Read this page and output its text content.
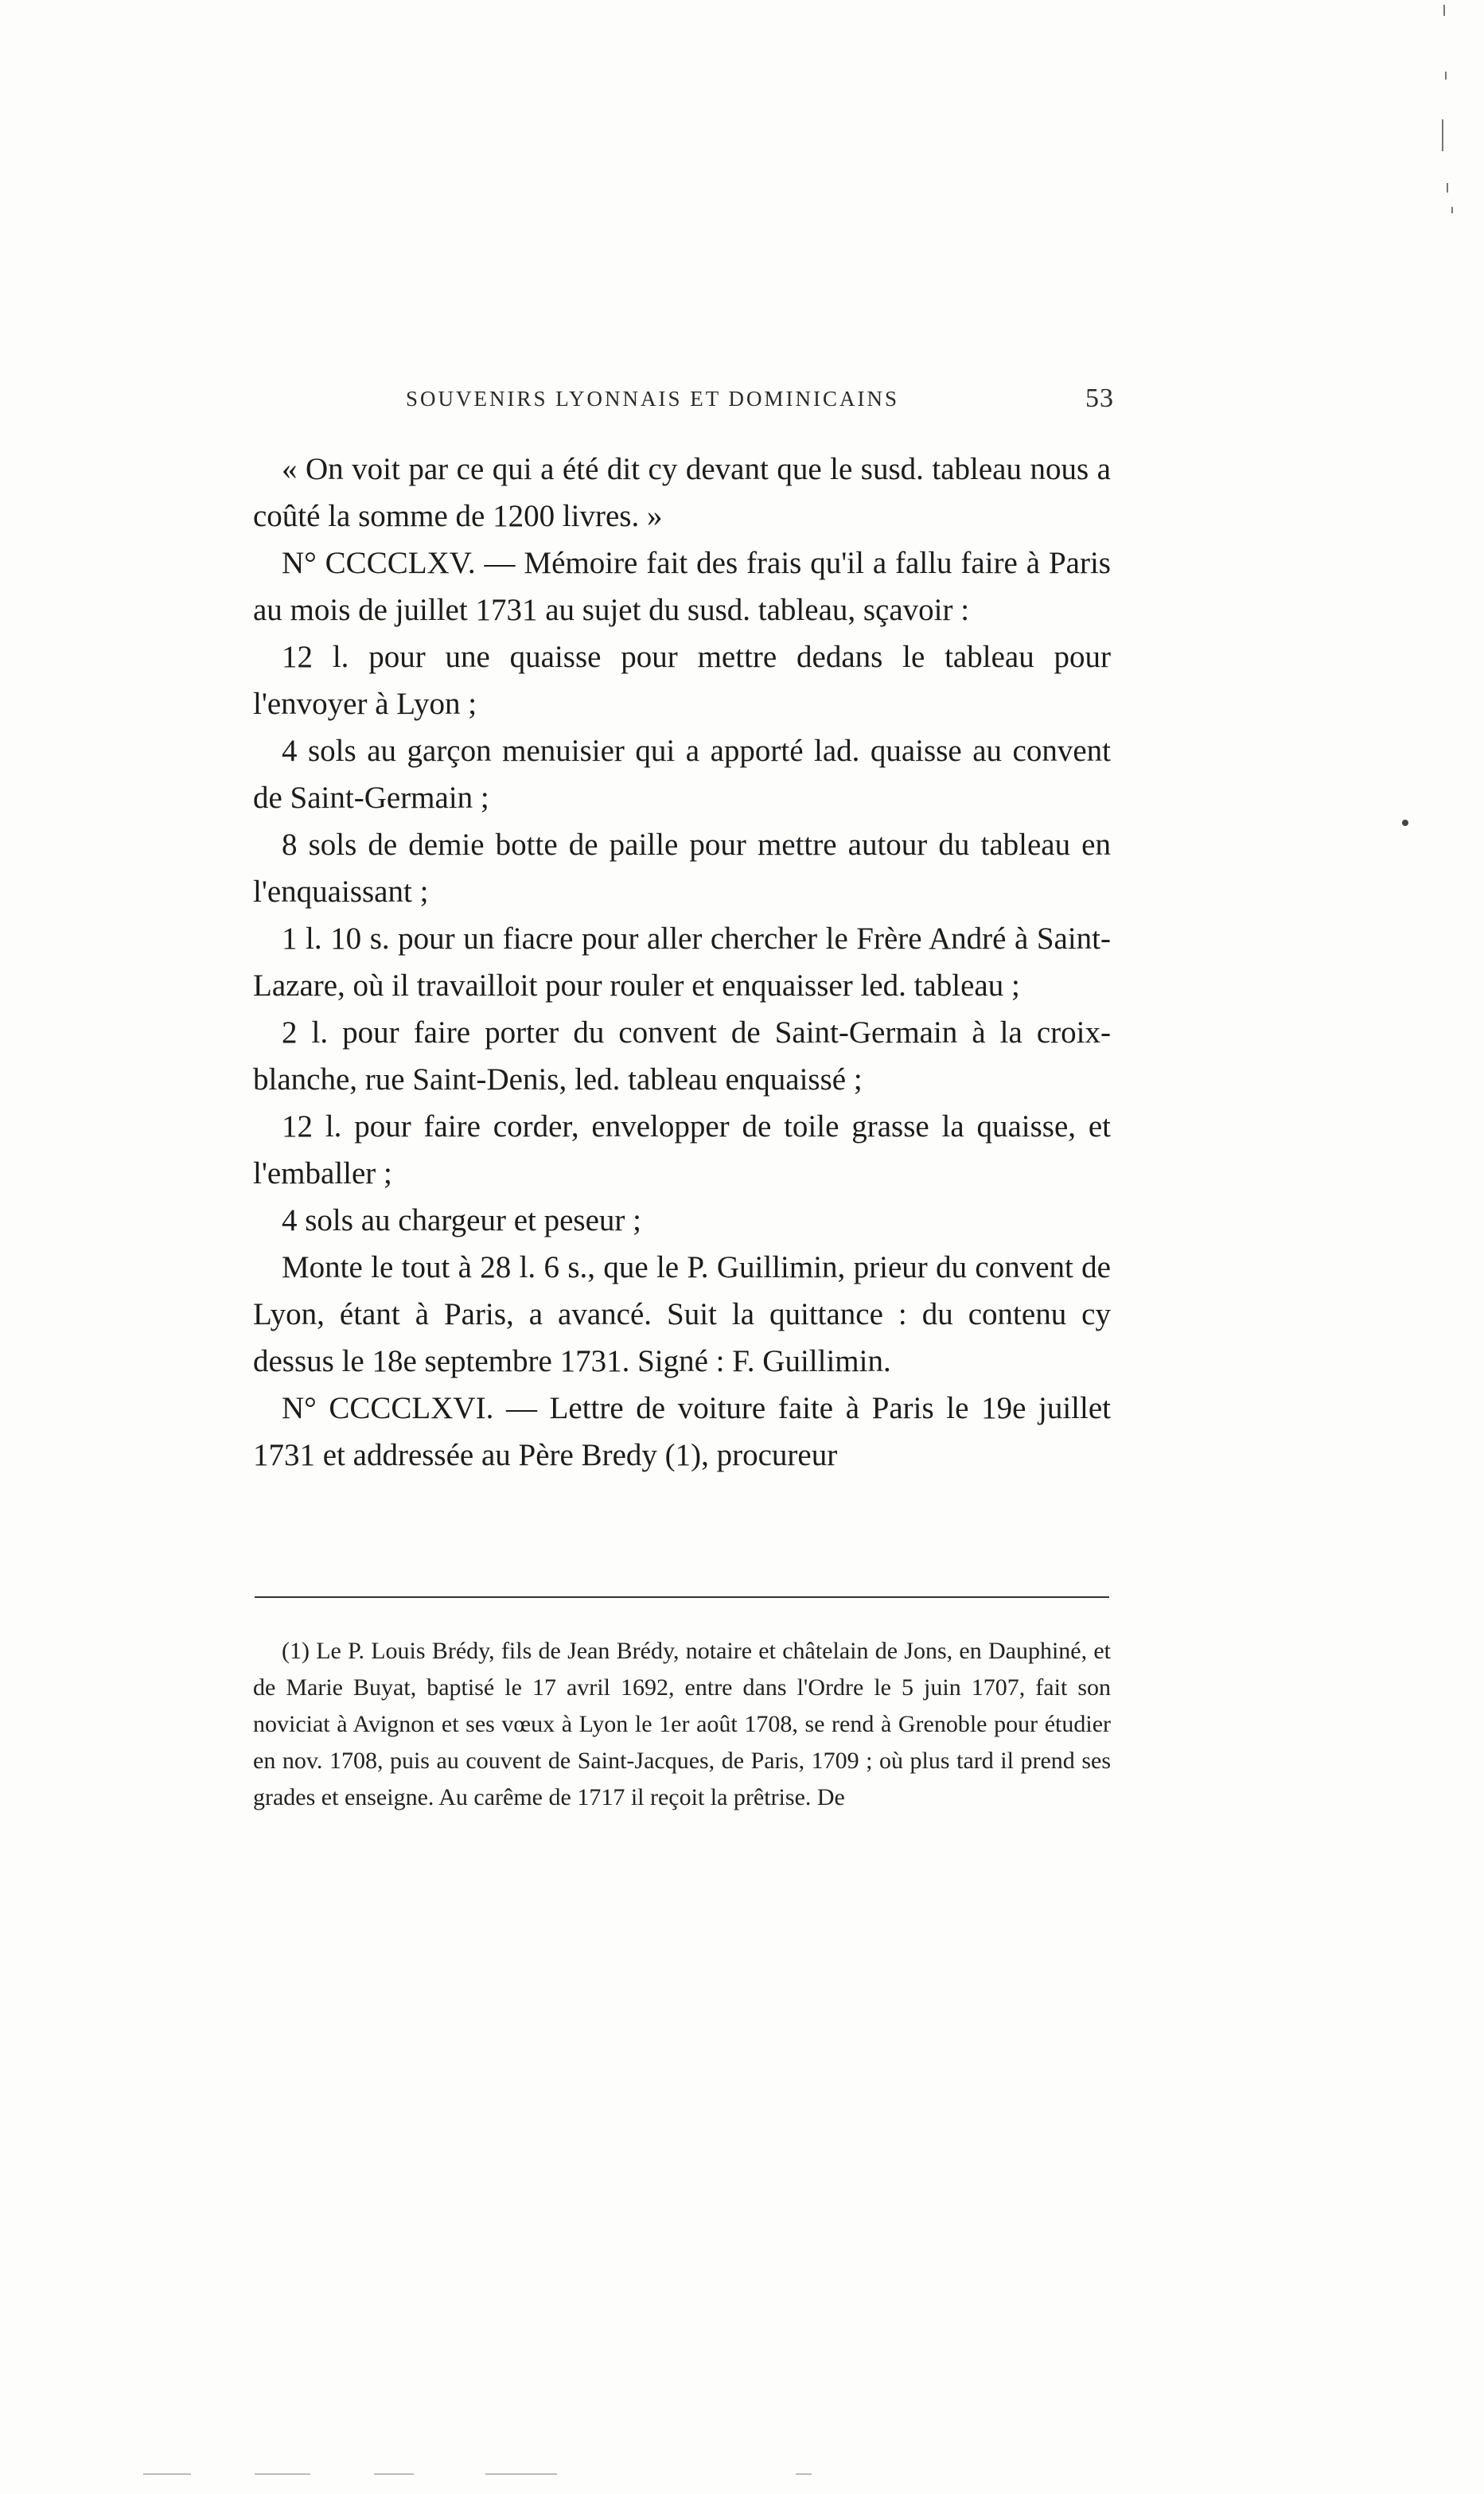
SOUVENIRS LYONNAIS ET DOMINICAINS	53

« On voit par ce qui a été dit cy devant que le susd. tableau nous a coûté la somme de 1200 livres. »

N° CCCCLXV. — Mémoire fait des frais qu'il a fallu faire à Paris au mois de juillet 1731 au sujet du susd. tableau, sçavoir :

12 l. pour une quaisse pour mettre dedans le tableau pour l'envoyer à Lyon ;

4 sols au garçon menuisier qui a apporté lad. quaisse au convent de Saint-Germain ;

8 sols de demie botte de paille pour mettre autour du tableau en l'enquaissant ;

1 l. 10 s. pour un fiacre pour aller chercher le Frère André à Saint-Lazare, où il travailloit pour rouler et enquaisser led. tableau ;

2 l. pour faire porter du convent de Saint-Germain à la croix-blanche, rue Saint-Denis, led. tableau enquaissé ;

12 l. pour faire corder, envelopper de toile grasse la quaisse, et l'emballer ;

4 sols au chargeur et peseur ;

Monte le tout à 28 l. 6 s., que le P. Guillimin, prieur du convent de Lyon, étant à Paris, a avancé. Suit la quittance : du contenu cy dessus le 18e septembre 1731. Signé : F. Guillimin.

N° CCCCLXVI. — Lettre de voiture faite à Paris le 19e juillet 1731 et addressée au Père Bredy (1), procureur

(1) Le P. Louis Brédy, fils de Jean Brédy, notaire et châtelain de Jons, en Dauphiné, et de Marie Buyat, baptisé le 17 avril 1692, entre dans l'Ordre le 5 juin 1707, fait son noviciat à Avignon et ses vœux à Lyon le 1er août 1708, se rend à Grenoble pour étudier en nov. 1708, puis au couvent de Saint-Jacques, de Paris, 1709 ; où plus tard il prend ses grades et enseigne. Au carême de 1717 il reçoit la prêtrise. De
